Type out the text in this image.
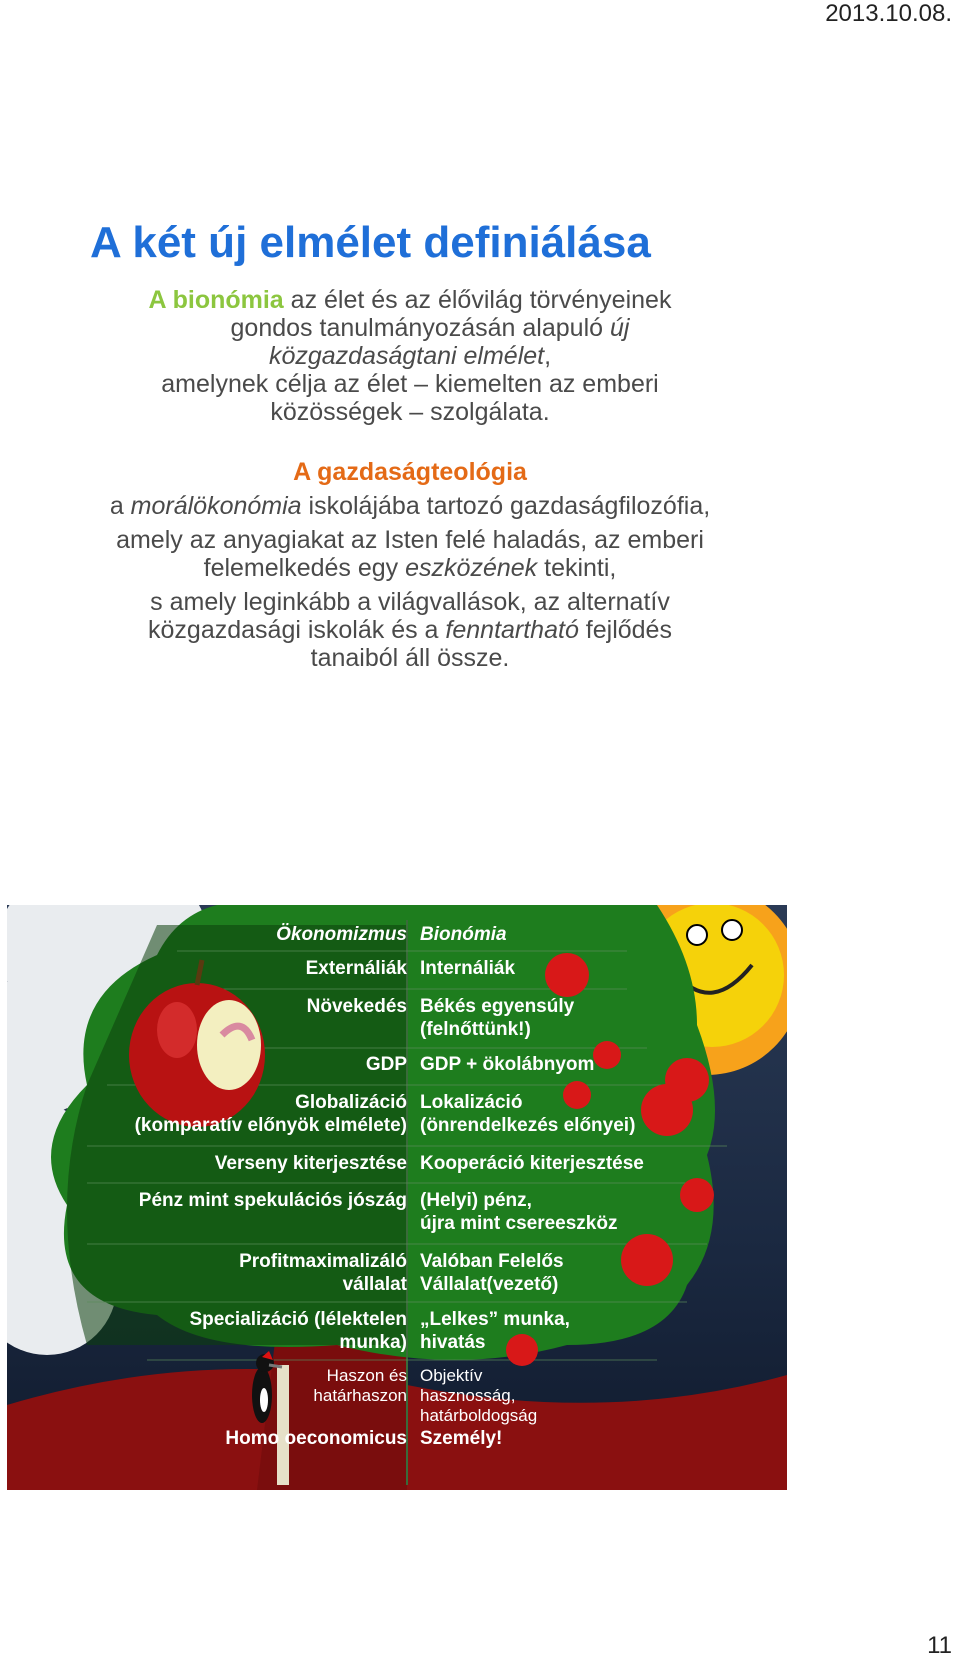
2013.10.08.
A két új elmélet definiálása
A bionómia az élet és az élővilág törvényeinek
gondos tanulmányozásán alapuló új
közgazdaságtani elmélet,
amelynek célja az élet – kiemelten az emberi
közösségek – szolgálata.
A gazdaságteológia
a morálökonómia iskolájába tartozó gazdaságfilozófia,
amely az anyagiakat az Isten felé haladás, az emberi
felemelkedés egy eszközének tekinti,
s amely leginkább a világvallások, az alternatív
közgazdasági iskolák és a fenntartható fejlődés
tanaiból áll össze.
Ökonomizmus Bionómia
Externáliák Internáliák
Növekedés Békés egyensúly
(felnőttünk!)
GDP GDP + ökolábnyom
Globalizáció
(komparatív előnyök elmélete)
Lokalizáció
(önrendelkezés előnyei)
Verseny kiterjesztése Kooperáció kiterjesztése
Pénz mint spekulációs jószág (Helyi) pénz,
újra mint csereeszköz
Profitmaximalizáló
vállalat
Valóban Felelős
Vállalat(vezető)
Specializáció (lélektelen
munka)
„Lelkes” munka,
hivatás
Haszon és
határhaszon
Objektív
hasznosság,
határboldogság
Homo oeconomicus Személy!
11
